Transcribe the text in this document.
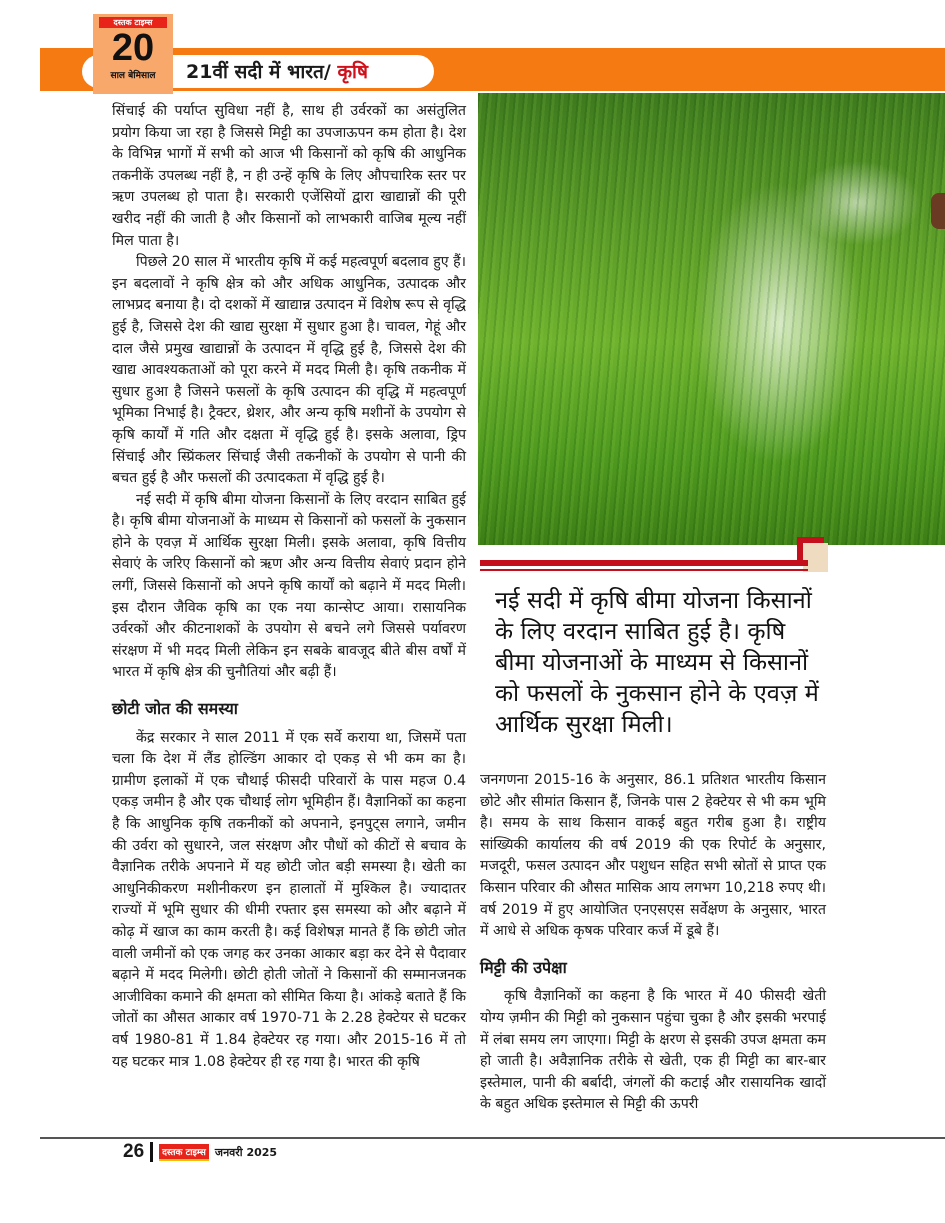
21वीं सदी में भारत/ कृषि
दस्तक टाइम्स
20
साल बेमिसाल

सिंचाई की पर्याप्त सुविधा नहीं है, साथ ही उर्वरकों का असंतुलित प्रयोग किया जा रहा है जिससे मिट्टी का उपजाऊपन कम होता है। देश के विभिन्न भागों में सभी को आज भी किसानों को कृषि की आधुनिक तकनीकें उपलब्ध नहीं है, न ही उन्हें कृषि के लिए औपचारिक स्तर पर ऋण उपलब्ध हो पाता है। सरकारी एजेंसियों द्वारा खाद्यान्नों की पूरी खरीद नहीं की जाती है और किसानों को लाभकारी वाजिब मूल्य नहीं मिल पाता है।

पिछले 20 साल में भारतीय कृषि में कई महत्वपूर्ण बदलाव हुए हैं। इन बदलावों ने कृषि क्षेत्र को और अधिक आधुनिक, उत्पादक और लाभप्रद बनाया है। दो दशकों में खाद्यान्न उत्पादन में विशेष रूप से वृद्धि हुई है, जिससे देश की खाद्य सुरक्षा में सुधार हुआ है। चावल, गेहूं और दाल जैसे प्रमुख खाद्यान्नों के उत्पादन में वृद्धि हुई है, जिससे देश की खाद्य आवश्यकताओं को पूरा करने में मदद मिली है। कृषि तकनीक में सुधार हुआ है जिसने फसलों के कृषि उत्पादन की वृद्धि में महत्वपूर्ण भूमिका निभाई है। ट्रैक्टर, थ्रेशर, और अन्य कृषि मशीनों के उपयोग से कृषि कार्यों में गति और दक्षता में वृद्धि हुई है। इसके अलावा, ड्रिप सिंचाई और स्प्रिंकलर सिंचाई जैसी तकनीकों के उपयोग से पानी की बचत हुई है और फसलों की उत्पादकता में वृद्धि हुई है।

नई सदी में कृषि बीमा योजना किसानों के लिए वरदान साबित हुई है। कृषि बीमा योजनाओं के माध्यम से किसानों को फसलों के नुकसान होने के एवज़ में आर्थिक सुरक्षा मिली। इसके अलावा, कृषि वित्तीय सेवाएं के जरिए किसानों को ऋण और अन्य वित्तीय सेवाएं प्रदान होने लगीं, जिससे किसानों को अपने कृषि कार्यों को बढ़ाने में मदद मिली। इस दौरान जैविक कृषि का एक नया कान्सेप्ट आया। रासायनिक उर्वरकों और कीटनाशकों के उपयोग से बचने लगे जिससे पर्यावरण संरक्षण में भी मदद मिली लेकिन इन सबके बावजूद बीते बीस वर्षों में भारत में कृषि क्षेत्र की चुनौतियां और बढ़ी हैं।

छोटी जोत की समस्या

केंद्र सरकार ने साल 2011 में एक सर्वे कराया था, जिसमें पता चला कि देश में लैंड होल्डिंग आकार दो एकड़ से भी कम का है। ग्रामीण इलाकों में एक चौथाई फीसदी परिवारों के पास महज 0.4 एकड़ जमीन है और एक चौथाई लोग भूमिहीन हैं। वैज्ञानिकों का कहना है कि आधुनिक कृषि तकनीकों को अपनाने, इनपुट्स लगाने, जमीन की उर्वरा को सुधारने, जल संरक्षण और पौधों को कीटों से बचाव के वैज्ञानिक तरीके अपनाने में यह छोटी जोत बड़ी समस्या है। खेती का आधुनिकीकरण मशीनीकरण इन हालातों में मुश्किल है। ज्यादातर राज्यों में भूमि सुधार की धीमी रफ्तार इस समस्या को और बढ़ाने में कोढ़ में खाज का काम करती है। कई विशेषज्ञ मानते हैं कि छोटी जोत वाली जमीनों को एक जगह कर उनका आकार बड़ा कर देने से पैदावार बढ़ाने में मदद मिलेगी। छोटी होती जोतों ने किसानों की सम्मानजनक आजीविका कमाने की क्षमता को सीमित किया है। आंकड़े बताते हैं कि जोतों का औसत आकार वर्ष 1970-71 के 2.28 हेक्टेयर से घटकर वर्ष 1980-81 में 1.84 हेक्टेयर रह गया। और 2015-16 में तो यह घटकर मात्र 1.08 हेक्टेयर ही रह गया है। भारत की कृषि

नई सदी में कृषि बीमा योजना किसानों के लिए वरदान साबित हुई है। कृषि बीमा योजनाओं के माध्यम से किसानों को फसलों के नुकसान होने के एवज़ में आर्थिक सुरक्षा मिली।

जनगणना 2015-16 के अनुसार, 86.1 प्रतिशत भारतीय किसान छोटे और सीमांत किसान हैं, जिनके पास 2 हेक्टेयर से भी कम भूमि है। समय के साथ किसान वाकई बहुत गरीब हुआ है। राष्ट्रीय सांख्यिकी कार्यालय की वर्ष 2019 की एक रिपोर्ट के अनुसार, मजदूरी, फसल उत्पादन और पशुधन सहित सभी स्रोतों से प्राप्त एक किसान परिवार की औसत मासिक आय लगभग 10,218 रुपए थी। वर्ष 2019 में हुए आयोजित एनएसएस सर्वेक्षण के अनुसार, भारत में आधे से अधिक कृषक परिवार कर्ज में डूबे हैं।

मिट्टी की उपेक्षा

कृषि वैज्ञानिकों का कहना है कि भारत में 40 फीसदी खेती योग्य ज़मीन की मिट्टी को नुकसान पहुंचा चुका है और इसकी भरपाई में लंबा समय लग जाएगा। मिट्टी के क्षरण से इसकी उपज क्षमता कम हो जाती है। अवैज्ञानिक तरीके से खेती, एक ही मिट्टी का बार-बार इस्तेमाल, पानी की बर्बादी, जंगलों की कटाई और रासायनिक खादों के बहुत अधिक इस्तेमाल से मिट्टी की ऊपरी

26	दस्तक टाइम्स जनवरी 2025
